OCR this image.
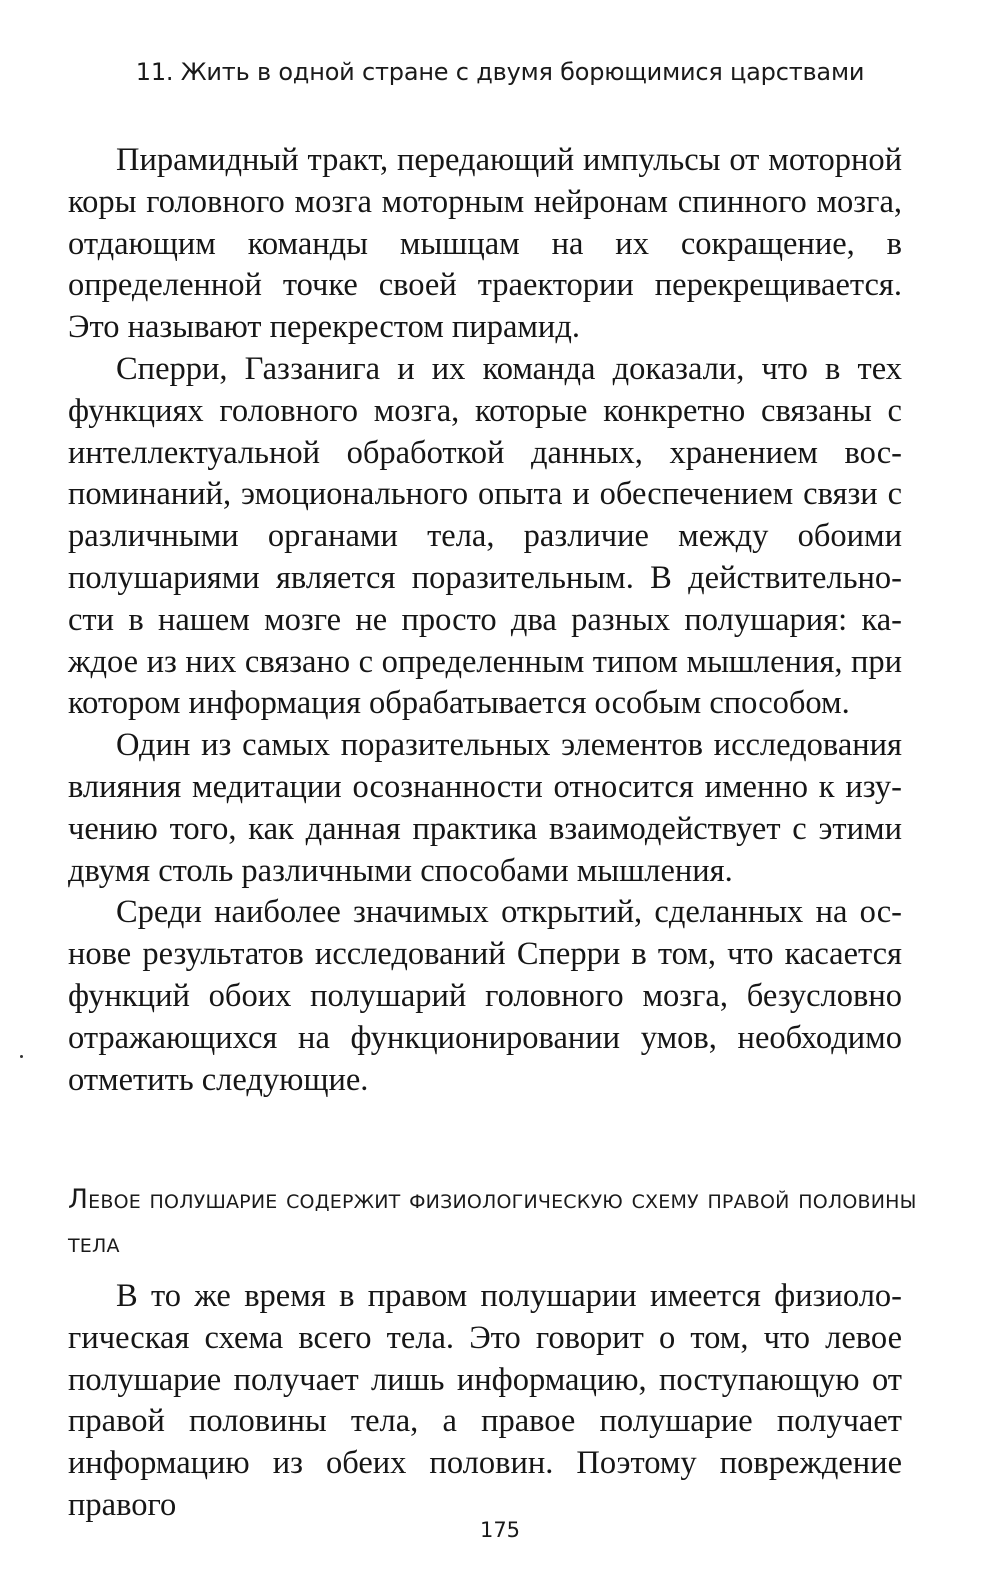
11. Жить в одной стране с двумя борющимися царствами

Пирамидный тракт, передающий импульсы от моторной коры головного мозга моторным нейронам спинного мозга, отдающим команды мышцам на их сокращение, в определенной точке своей траектории перекрещивается. Это называют перекрестом пирамид.

Сперри, Газзанига и их команда доказали, что в тех функциях головного мозга, которые конкретно связаны с интеллектуальной обработкой данных, хранением воспоминаний, эмоционального опыта и обеспечением связи с различными органами тела, различие между обоими полушариями является поразительным. В действительности в нашем мозге не просто два разных полушария: каждое из них связано с определенным типом мышления, при котором информация обрабатывается особым способом.

Один из самых поразительных элементов исследования влияния медитации осознанности относится именно к изучению того, как данная практика взаимодействует с этими двумя столь различными способами мышления.

Среди наиболее значимых открытий, сделанных на основе результатов исследований Сперри в том, что касается функций обоих полушарий головного мозга, безусловно отражающихся на функционировании умов, необходимо отметить следующие.

Левое полушарие содержит физиологическую схему правой половины тела

В то же время в правом полушарии имеется физиологическая схема всего тела. Это говорит о том, что левое полушарие получает лишь информацию, поступающую от правой половины тела, а правое полушарие получает информацию из обеих половин. Поэтому повреждение правого

175
